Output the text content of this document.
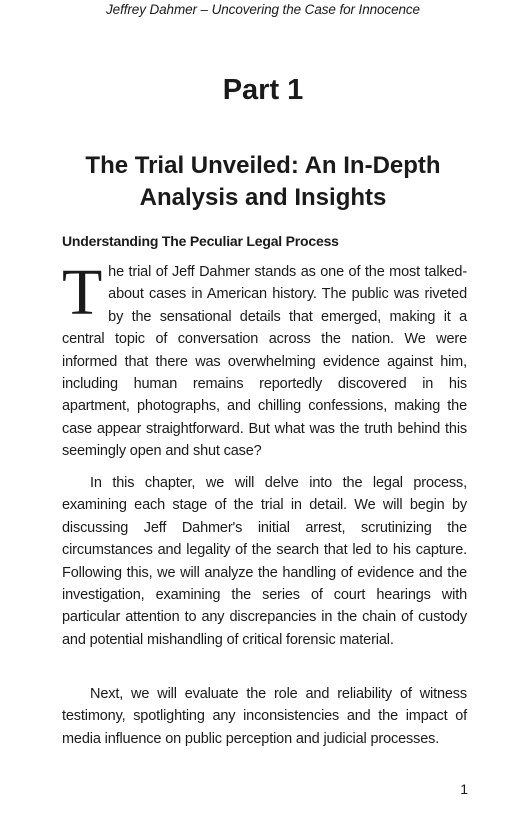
Jeffrey Dahmer – Uncovering the Case for Innocence
Part 1
The Trial Unveiled: An In-Depth Analysis and Insights
Understanding The Peculiar Legal Process

The trial of Jeff Dahmer stands as one of the most talked-about cases in American history. The public was riveted by the sensational details that emerged, making it a central topic of conversation across the nation. We were informed that there was overwhelming evidence against him, including human remains reportedly discovered in his apartment, photographs, and chilling confessions, making the case appear straightforward. But what was the truth behind this seemingly open and shut case?

In this chapter, we will delve into the legal process, examining each stage of the trial in detail. We will begin by discussing Jeff Dahmer's initial arrest, scrutinizing the circumstances and legality of the search that led to his capture. Following this, we will analyze the handling of evidence and the investigation, examining the series of court hearings with particular attention to any discrepancies in the chain of custody and potential mishandling of critical forensic material.

Next, we will evaluate the role and reliability of witness testimony, spotlighting any inconsistencies and the impact of media influence on public perception and judicial processes.

1
